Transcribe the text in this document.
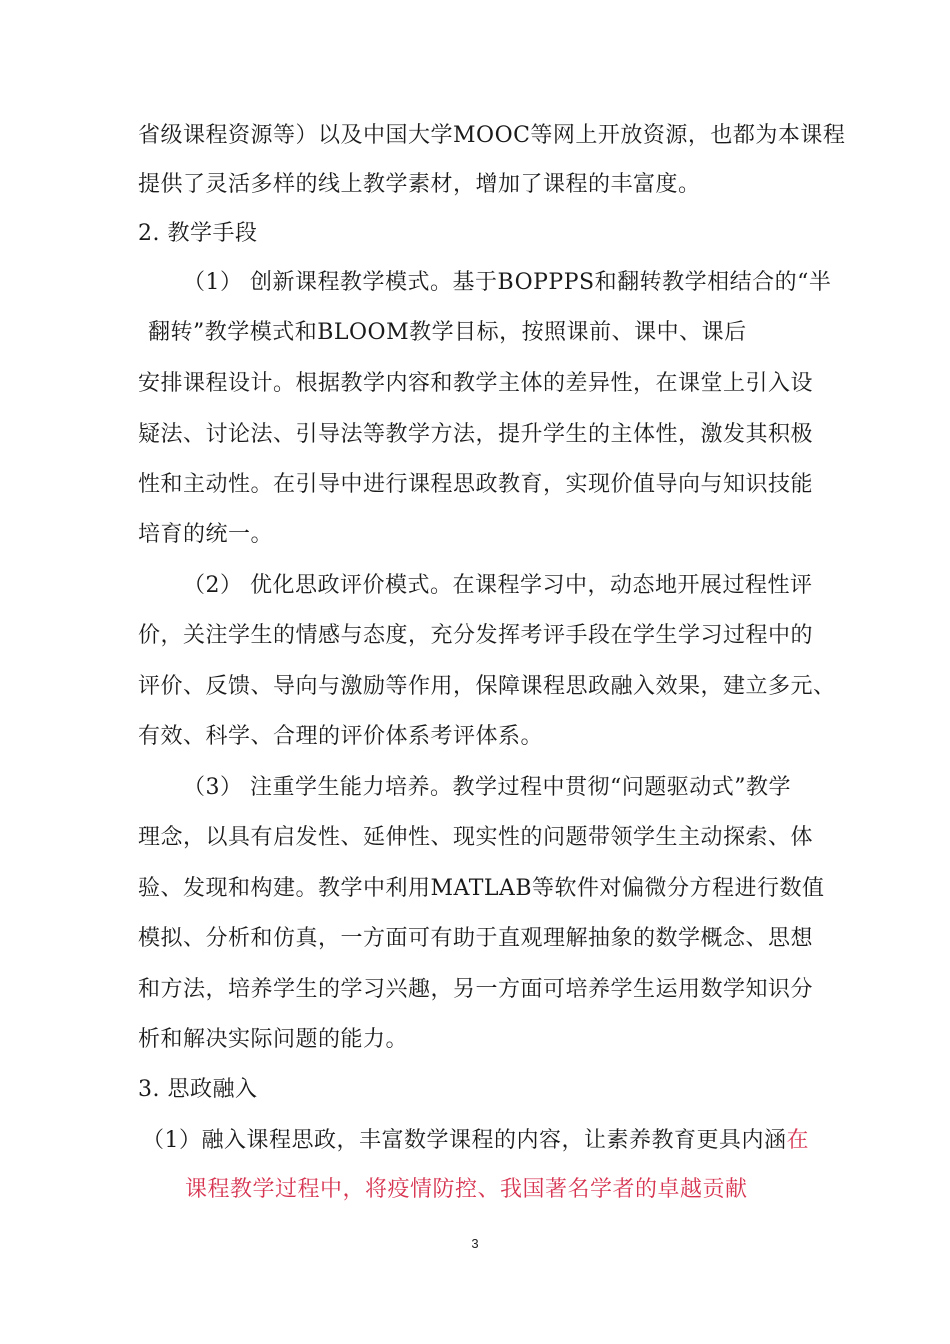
省级课程资源等）以及中国大学MOOC等网上开放资源，也都为本课程
提供了灵活多样的线上教学素材，增加了课程的丰富度。
2. 教学手段
（1） 创新课程教学模式。基于BOPPPS和翻转教学相结合的“半
翻转”教学模式和BLOOM教学目标，按照课前、课中、课后
安排课程设计。根据教学内容和教学主体的差异性，在课堂上引入设
疑法、讨论法、引导法等教学方法，提升学生的主体性，激发其积极
性和主动性。在引导中进行课程思政教育，实现价值导向与知识技能
培育的统一。
（2） 优化思政评价模式。在课程学习中，动态地开展过程性评
价，关注学生的情感与态度，充分发挥考评手段在学生学习过程中的
评价、反馈、导向与激励等作用，保障课程思政融入效果，建立多元、
有效、科学、合理的评价体系考评体系。
（3） 注重学生能力培养。教学过程中贯彻“问题驱动式”教学
理念，以具有启发性、延伸性、现实性的问题带领学生主动探索、体
验、发现和构建。教学中利用MATLAB等软件对偏微分方程进行数值
模拟、分析和仿真，一方面可有助于直观理解抽象的数学概念、思想
和方法，培养学生的学习兴趣，另一方面可培养学生运用数学知识分
析和解决实际问题的能力。
3. 思政融入
（1）融入课程思政，丰富数学课程的内容，让素养教育更具内涵在
课程教学过程中，将疫情防控、我国著名学者的卓越贡献
3
